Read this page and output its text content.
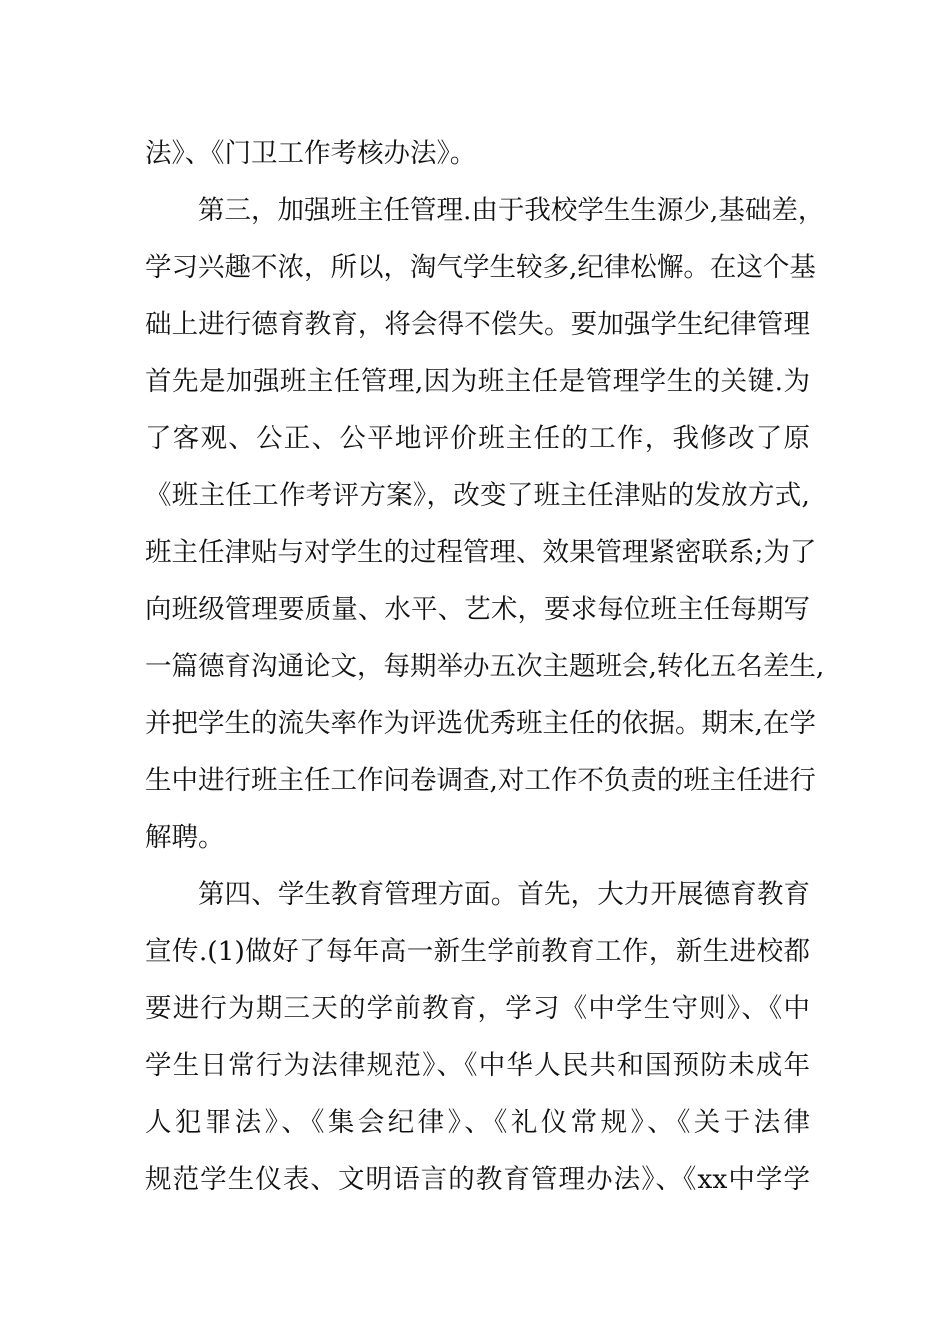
法》、《门卫工作考核办法》。
第三，加强班主任管理.由于我校学生生源少,基础差，
学习兴趣不浓，所以，淘气学生较多,纪律松懈。在这个基
础上进行德育教育，将会得不偿失。要加强学生纪律管理
首先是加强班主任管理,因为班主任是管理学生的关键.为
了客观、公正、公平地评价班主任的工作，我修改了原
《班主任工作考评方案》，改变了班主任津贴的发放方式,
班主任津贴与对学生的过程管理、效果管理紧密联系;为了
向班级管理要质量、水平、艺术，要求每位班主任每期写
一篇德育沟通论文，每期举办五次主题班会,转化五名差生,
并把学生的流失率作为评选优秀班主任的依据。期末,在学
生中进行班主任工作问卷调查,对工作不负责的班主任进行
解聘。
第四、学生教育管理方面。首先，大力开展德育教育
宣传.(1)做好了每年高一新生学前教育工作，新生进校都
要进行为期三天的学前教育，学习《中学生守则》、《中
学生日常行为法律规范》、《中华人民共和国预防未成年
人犯罪法》、《集会纪律》、《礼仪常规》、《关于法律
规范学生仪表、文明语言的教育管理办法》、《xx中学学
